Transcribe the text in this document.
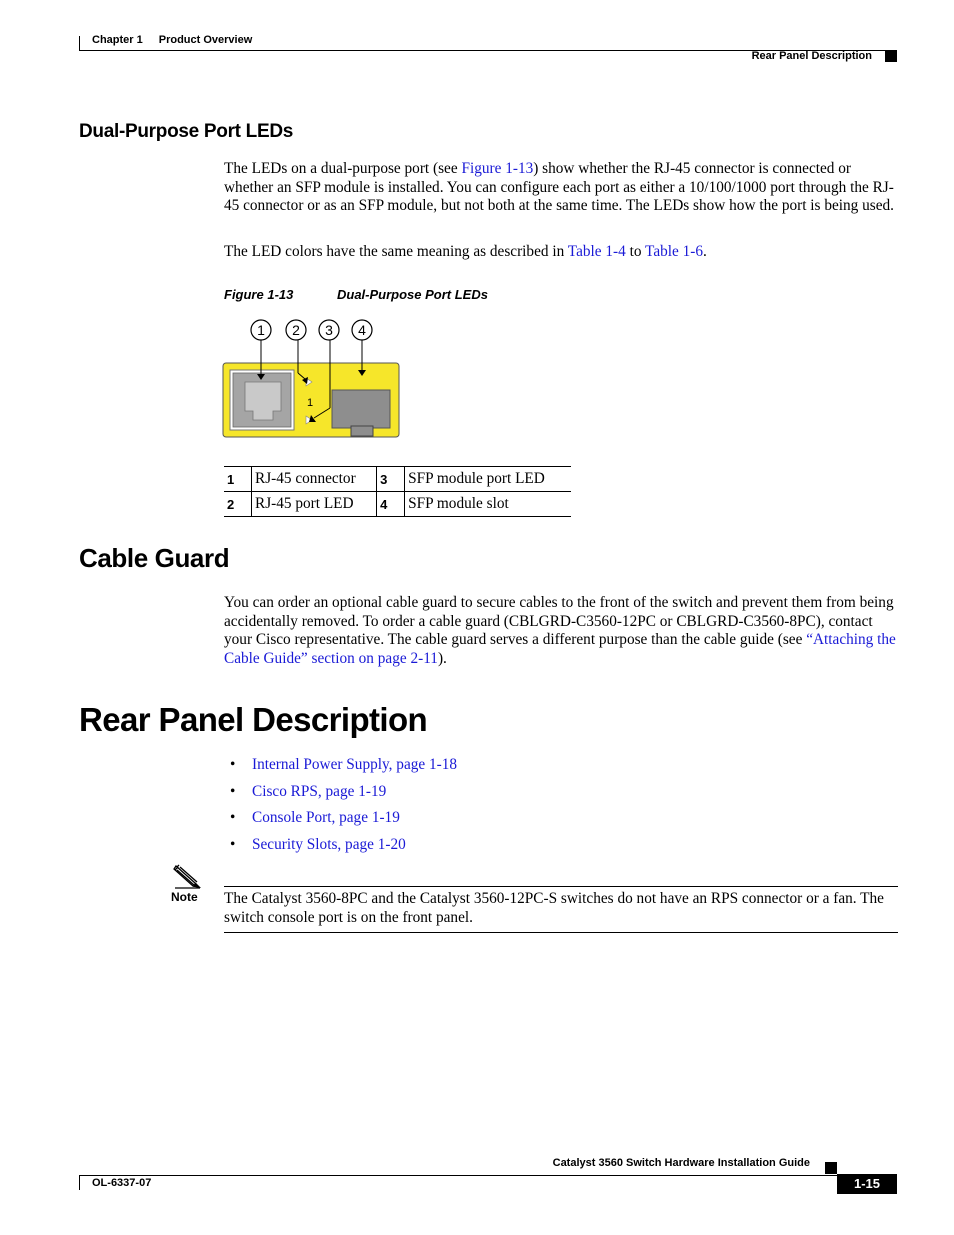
Chapter 1 Product Overview
Rear Panel Description
Dual-Purpose Port LEDs
The LEDs on a dual-purpose port (see Figure 1-13) show whether the RJ-45 connector is connected or whether an SFP module is installed. You can configure each port as either a 10/100/1000 port through the RJ-45 connector or as an SFP module, but not both at the same time. The LEDs show how the port is being used.
The LED colors have the same meaning as described in Table 1-4 to Table 1-6.
Figure 1-13	Dual-Purpose Port LEDs
1 2 3 4
1
1	RJ-45 connector	3	SFP module port LED
2	RJ-45 port LED	4	SFP module slot
Cable Guard
You can order an optional cable guard to secure cables to the front of the switch and prevent them from being accidentally removed. To order a cable guard (CBLGRD-C3560-12PC or CBLGRD-C3560-8PC), contact your Cisco representative. The cable guard serves a different purpose than the cable guide (see “Attaching the Cable Guide” section on page 2-11).
Rear Panel Description
• Internal Power Supply, page 1-18
• Cisco RPS, page 1-19
• Console Port, page 1-19
• Security Slots, page 1-20
Note The Catalyst 3560-8PC and the Catalyst 3560-12PC-S switches do not have an RPS connector or a fan. The switch console port is on the front panel.
Catalyst 3560 Switch Hardware Installation Guide
OL-6337-07	1-15
